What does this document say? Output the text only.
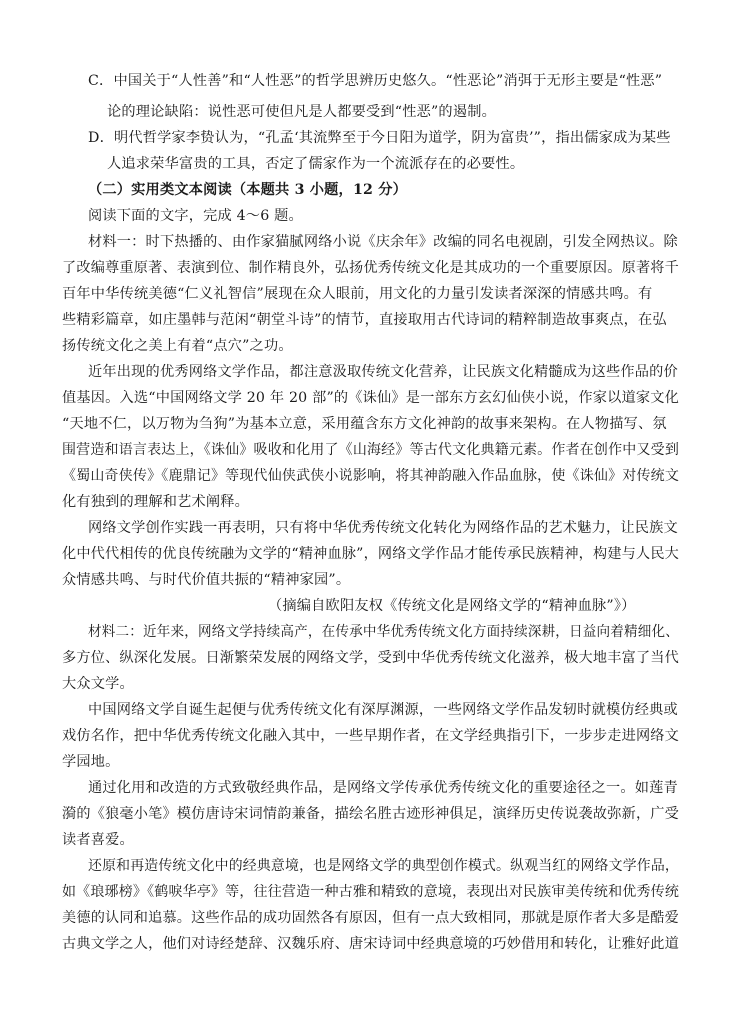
C．中国关于“人性善”和“人性恶”的哲学思辨历史悠久。“性恶论”消弭于无形主要是“性恶”
论的理论缺陷：说性恶可使但凡是人都要受到“性恶”的遏制。
D．明代哲学家李贽认为，“孔孟‘其流弊至于今日阳为道学，阴为富贵’”，指出儒家成为某些
人追求荣华富贵的工具，否定了儒家作为一个流派存在的必要性。
（二）实用类文本阅读（本题共 3 小题，12 分）
阅读下面的文字，完成 4～6 题。
材料一：时下热播的、由作家猫腻网络小说《庆余年》改编的同名电视剧，引发全网热议。除
了改编尊重原著、表演到位、制作精良外，弘扬优秀传统文化是其成功的一个重要原因。原著将千
百年中华传统美德“仁义礼智信”展现在众人眼前，用文化的力量引发读者深深的情感共鸣。有
些精彩篇章，如庄墨韩与范闲“朝堂斗诗”的情节，直接取用古代诗词的精粹制造故事爽点，在弘
扬传统文化之美上有着“点穴”之功。
近年出现的优秀网络文学作品，都注意汲取传统文化营养，让民族文化精髓成为这些作品的价
值基因。入选“中国网络文学 20 年 20 部”的《诛仙》是一部东方玄幻仙侠小说，作家以道家文化
“天地不仁，以万物为刍狗”为基本立意，采用蕴含东方文化神韵的故事来架构。在人物描写、氛
围营造和语言表达上，《诛仙》吸收和化用了《山海经》等古代文化典籍元素。作者在创作中又受到
《蜀山奇侠传》《鹿鼎记》等现代仙侠武侠小说影响，将其神韵融入作品血脉，使《诛仙》对传统文
化有独到的理解和艺术阐释。
网络文学创作实践一再表明，只有将中华优秀传统文化转化为网络作品的艺术魅力，让民族文
化中代代相传的优良传统融为文学的“精神血脉”，网络文学作品才能传承民族精神，构建与人民大
众情感共鸣、与时代价值共振的“精神家园”。
（摘编自欧阳友权《传统文化是网络文学的“精神血脉”》）
材料二：近年来，网络文学持续高产，在传承中华优秀传统文化方面持续深耕，日益向着精细化、
多方位、纵深化发展。日渐繁荣发展的网络文学，受到中华优秀传统文化滋养，极大地丰富了当代
大众文学。
中国网络文学自诞生起便与优秀传统文化有深厚渊源，一些网络文学作品发轫时就模仿经典或
戏仿名作，把中华优秀传统文化融入其中，一些早期作者，在文学经典指引下，一步步走进网络文
学园地。
通过化用和改造的方式致敬经典作品，是网络文学传承优秀传统文化的重要途径之一。如莲青
漪的《狼毫小笔》模仿唐诗宋词情韵兼备，描绘名胜古迹形神俱足，演绎历史传说袭故弥新，广受
读者喜爱。
还原和再造传统文化中的经典意境，也是网络文学的典型创作模式。纵观当红的网络文学作品，
如《琅琊榜》《鹤唳华亭》等，往往营造一种古雅和精致的意境，表现出对民族审美传统和优秀传统
美德的认同和追慕。这些作品的成功固然各有原因，但有一点大致相同，那就是原作者大多是酷爱
古典文学之人，他们对诗经楚辞、汉魏乐府、唐宋诗词中经典意境的巧妙借用和转化，让雅好此道
